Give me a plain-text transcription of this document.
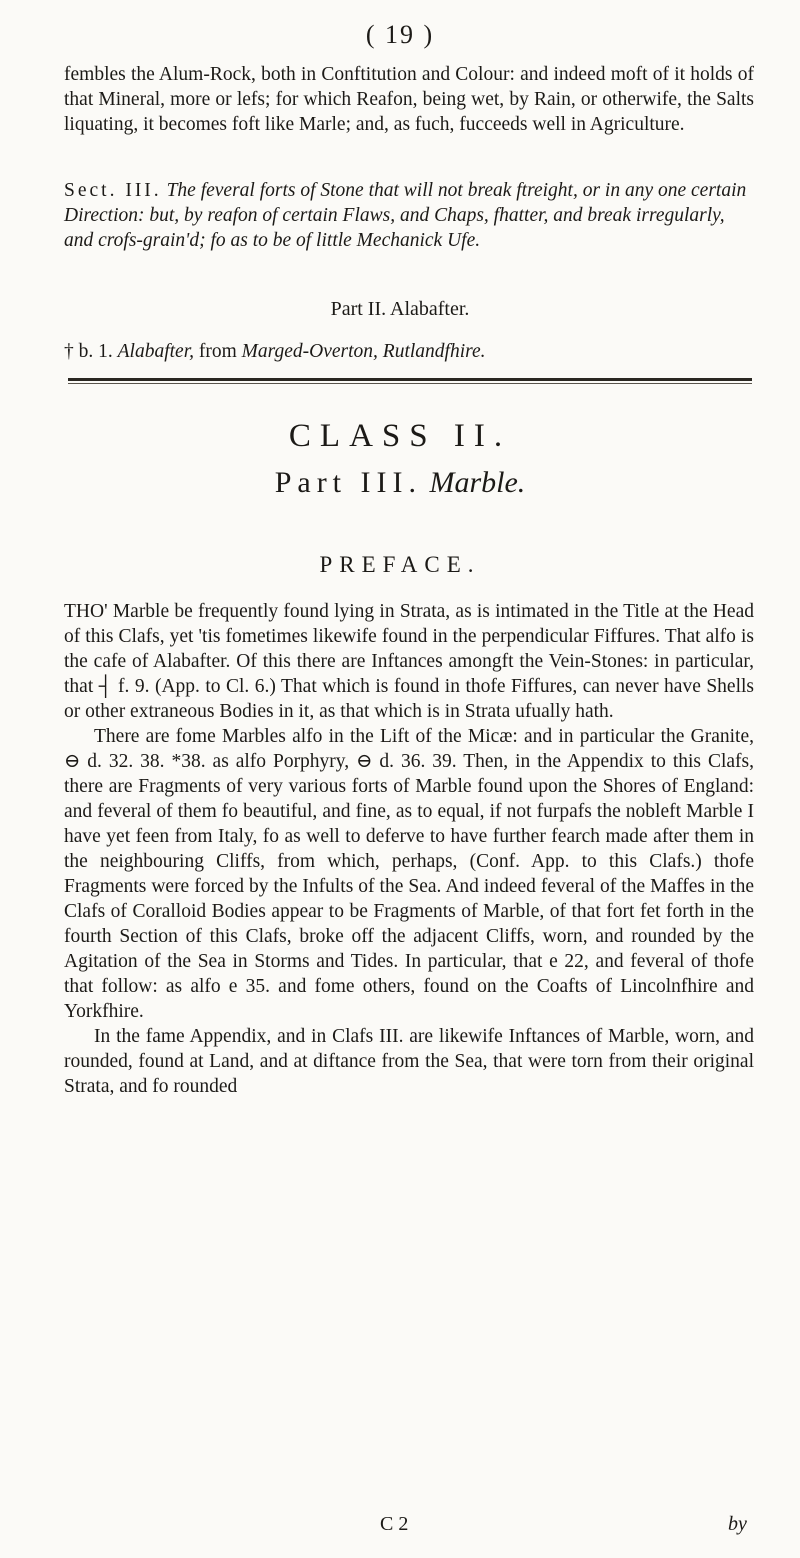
( 19 )
fembles the Alum-Rock, both in Conftitution and Colour: and indeed moft of it holds of that Mineral, more or lefs; for which Reafon, being wet, by Rain, or otherwife, the Salts liquating, it becomes foft like Marle; and, as fuch, fucceeds well in Agriculture.
Sect. III. The feveral forts of Stone that will not break ftreight, or in any one certain Direction: but, by reafon of certain Flaws, and Chaps, fhatter, and break irregularly, and crofs-grain'd; fo as to be of little Mechanick Ufe.
Part II. Alabafter.
† b. 1. Alabafter, from Marged-Overton, Rutlandfhire.
CLASS II.
Part III. Marble.
PREFACE.

THO' Marble be frequently found lying in Strata, as is intimated in the Title at the Head of this Clafs, yet 'tis fometimes likewife found in the perpendicular Fiffures. That alfo is the cafe of Alabafter. Of this there are Inftances amongft the Vein-Stones: in particular, that ┤ f. 9. (App. to Cl. 6.) That which is found in thofe Fiffures, can never have Shells or other extraneous Bodies in it, as that which is in Strata ufually hath.

There are fome Marbles alfo in the Lift of the Micæ: and in particular the Granite, ⊖ d. 32. 38. *38. as alfo Porphyry, ⊖ d. 36. 39. Then, in the Appendix to this Clafs, there are Fragments of very various forts of Marble found upon the Shores of England: and feveral of them fo beautiful, and fine, as to equal, if not furpafs the nobleft Marble I have yet feen from Italy, fo as well to deferve to have further fearch made after them in the neighbouring Cliffs, from which, perhaps, (Conf. App. to this Clafs.) thofe Fragments were forced by the Infults of the Sea. And indeed feveral of the Maffes in the Clafs of Coralloid Bodies appear to be Fragments of Marble, of that fort fet forth in the fourth Section of this Clafs, broke off the adjacent Cliffs, worn, and rounded by the Agitation of the Sea in Storms and Tides. In particular, that e 22, and feveral of thofe that follow: as alfo e 35. and fome others, found on the Coafts of Lincolnfhire and Yorkfhire.

In the fame Appendix, and in Clafs III. are likewife Inftances of Marble, worn, and rounded, found at Land, and at diftance from the Sea, that were torn from their original Strata, and fo rounded

C 2	by
